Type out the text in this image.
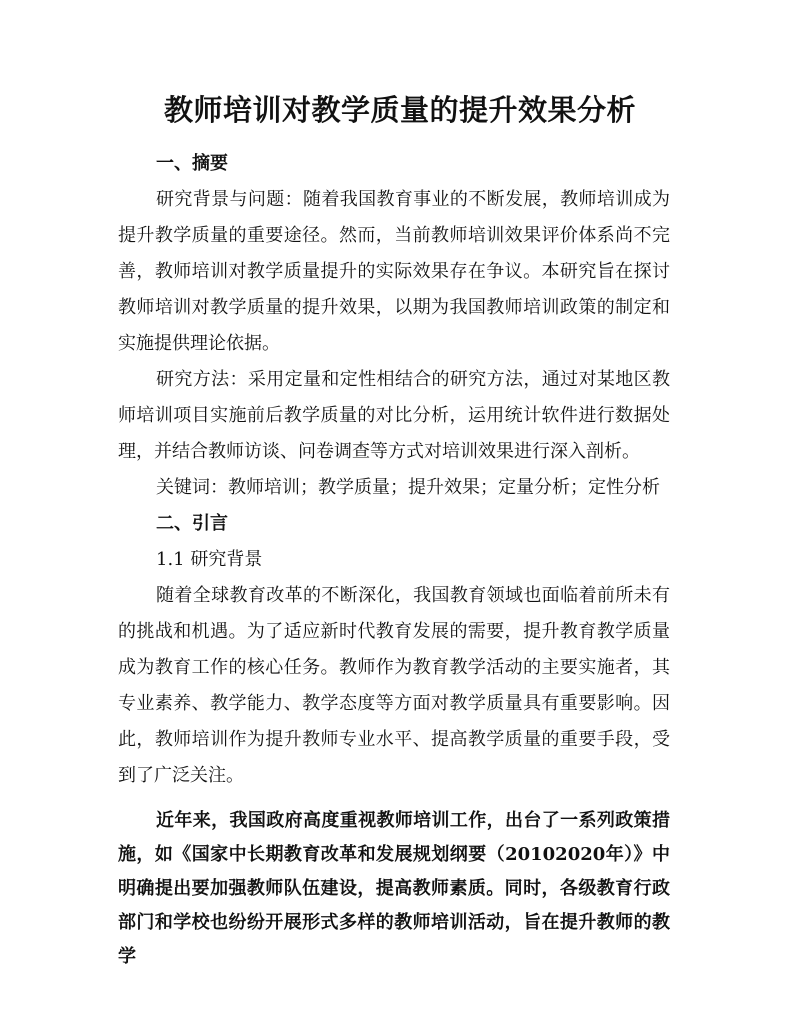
教师培训对教学质量的提升效果分析

一、摘要

研究背景与问题：随着我国教育事业的不断发展，教师培训成为提升教学质量的重要途径。然而，当前教师培训效果评价体系尚不完善，教师培训对教学质量提升的实际效果存在争议。本研究旨在探讨教师培训对教学质量的提升效果，以期为我国教师培训政策的制定和实施提供理论依据。

研究方法：采用定量和定性相结合的研究方法，通过对某地区教师培训项目实施前后教学质量的对比分析，运用统计软件进行数据处理，并结合教师访谈、问卷调查等方式对培训效果进行深入剖析。

关键词：教师培训；教学质量；提升效果；定量分析；定性分析

二、引言

1.1 研究背景

随着全球教育改革的不断深化，我国教育领域也面临着前所未有的挑战和机遇。为了适应新时代教育发展的需要，提升教育教学质量成为教育工作的核心任务。教师作为教育教学活动的主要实施者，其专业素养、教学能力、教学态度等方面对教学质量具有重要影响。因此，教师培训作为提升教师专业水平、提高教学质量的重要手段，受到了广泛关注。

近年来，我国政府高度重视教师培训工作，出台了一系列政策措施，如《国家中长期教育改革和发展规划纲要（20102020年）》中明确提出要加强教师队伍建设，提高教师素质。同时，各级教育行政部门和学校也纷纷开展形式多样的教师培训活动，旨在提升教师的教学
